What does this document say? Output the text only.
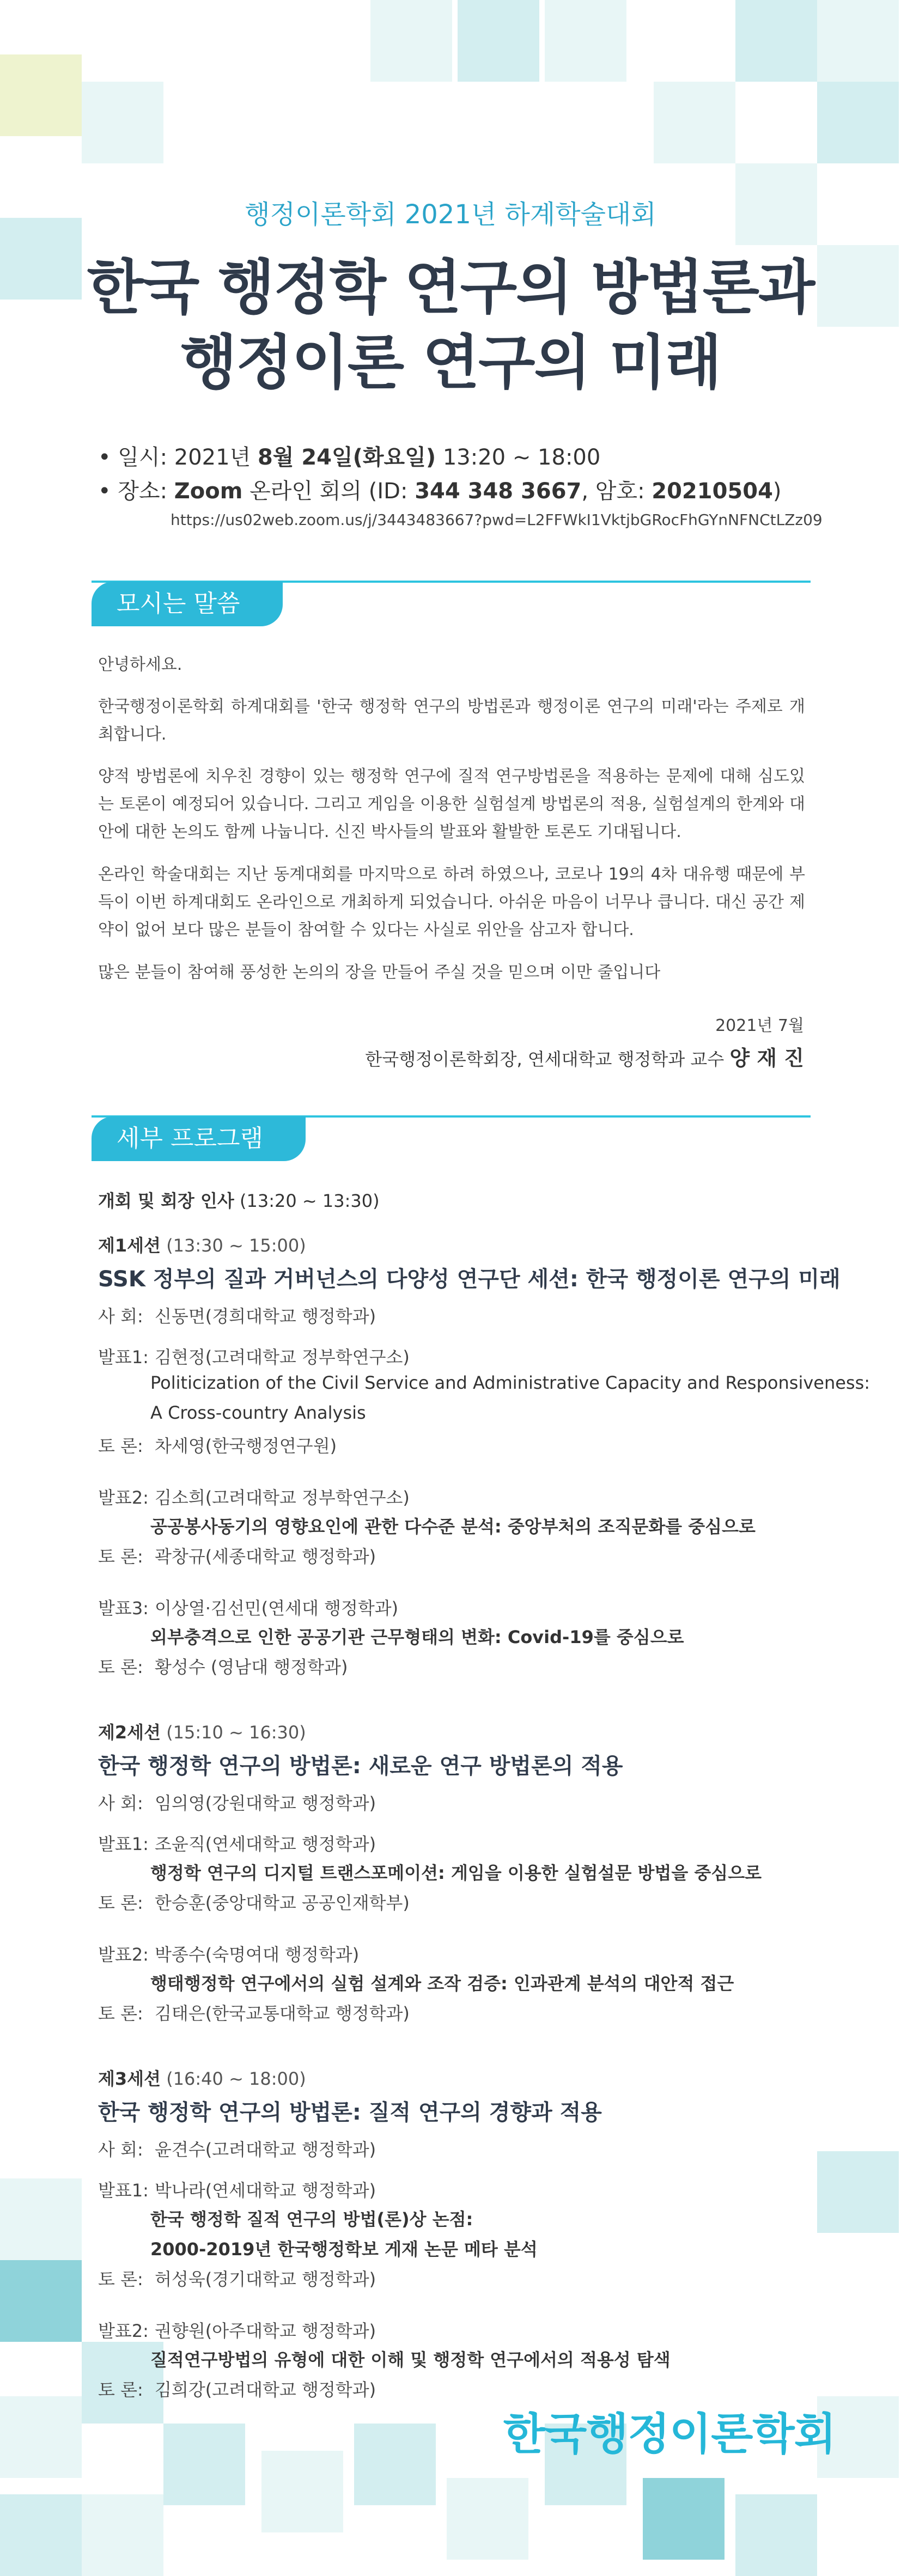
행정이론학회 2021년 하계학술대회
한국 행정학 연구의 방법론과
행정이론 연구의 미래
• 일시: 2021년 8월 24일(화요일) 13:20 ~ 18:00
• 장소: Zoom 온라인 회의 (ID: 344 348 3667, 암호: 20210504)
https://us02web.zoom.us/j/3443483667?pwd=L2FFWkI1VktjbGRocFhGYnNFNCtLZz09
모시는 말씀
안녕하세요.
한국행정이론학회 하계대회를 '한국 행정학 연구의 방법론과 행정이론 연구의 미래'라는 주제로 개최합니다.
양적 방법론에 치우친 경향이 있는 행정학 연구에 질적 연구방법론을 적용하는 문제에 대해 심도있는 토론이 예정되어 있습니다. 그리고 게임을 이용한 실험설계 방법론의 적용, 실험설계의 한계와 대안에 대한 논의도 함께 나눕니다. 신진 박사들의 발표와 활발한 토론도 기대됩니다.
온라인 학술대회는 지난 동계대회를 마지막으로 하려 하였으나, 코로나 19의 4차 대유행 때문에 부득이 이번 하계대회도 온라인으로 개최하게 되었습니다. 아쉬운 마음이 너무나 큽니다. 대신 공간 제약이 없어 보다 많은 분들이 참여할 수 있다는 사실로 위안을 삼고자 합니다.
많은 분들이 참여해 풍성한 논의의 장을 만들어 주실 것을 믿으며 이만 줄입니다
2021년 7월
한국행정이론학회장, 연세대학교 행정학과 교수 양 재 진
세부 프로그램
개회 및 회장 인사 (13:20 ~ 13:30)
제1세션 (13:30 ~ 15:00)
SSK 정부의 질과 거버넌스의 다양성 연구단 세션: 한국 행정이론 연구의 미래
사 회: 신동면(경희대학교 행정학과)
발표1: 김현정(고려대학교 정부학연구소)
Politicization of the Civil Service and Administrative Capacity and Responsiveness:
A Cross-country Analysis
토 론: 차세영(한국행정연구원)
발표2: 김소희(고려대학교 정부학연구소)
공공봉사동기의 영향요인에 관한 다수준 분석: 중앙부처의 조직문화를 중심으로
토 론: 곽창규(세종대학교 행정학과)
발표3: 이상열·김선민(연세대 행정학과)
외부충격으로 인한 공공기관 근무형태의 변화: Covid-19를 중심으로
토 론: 황성수 (영남대 행정학과)
제2세션 (15:10 ~ 16:30)
한국 행정학 연구의 방법론: 새로운 연구 방법론의 적용
사 회: 임의영(강원대학교 행정학과)
발표1: 조윤직(연세대학교 행정학과)
행정학 연구의 디지털 트랜스포메이션: 게임을 이용한 실험설문 방법을 중심으로
토 론: 한승훈(중앙대학교 공공인재학부)
발표2: 박종수(숙명여대 행정학과)
행태행정학 연구에서의 실험 설계와 조작 검증: 인과관계 분석의 대안적 접근
토 론: 김태은(한국교통대학교 행정학과)
제3세션 (16:40 ~ 18:00)
한국 행정학 연구의 방법론: 질적 연구의 경향과 적용
사 회: 윤견수(고려대학교 행정학과)
발표1: 박나라(연세대학교 행정학과)
한국 행정학 질적 연구의 방법(론)상 논점:
2000-2019년 한국행정학보 게재 논문 메타 분석
토 론: 허성욱(경기대학교 행정학과)
발표2: 권향원(아주대학교 행정학과)
질적연구방법의 유형에 대한 이해 및 행정학 연구에서의 적용성 탐색
토 론: 김희강(고려대학교 행정학과)
한국행정이론학회
